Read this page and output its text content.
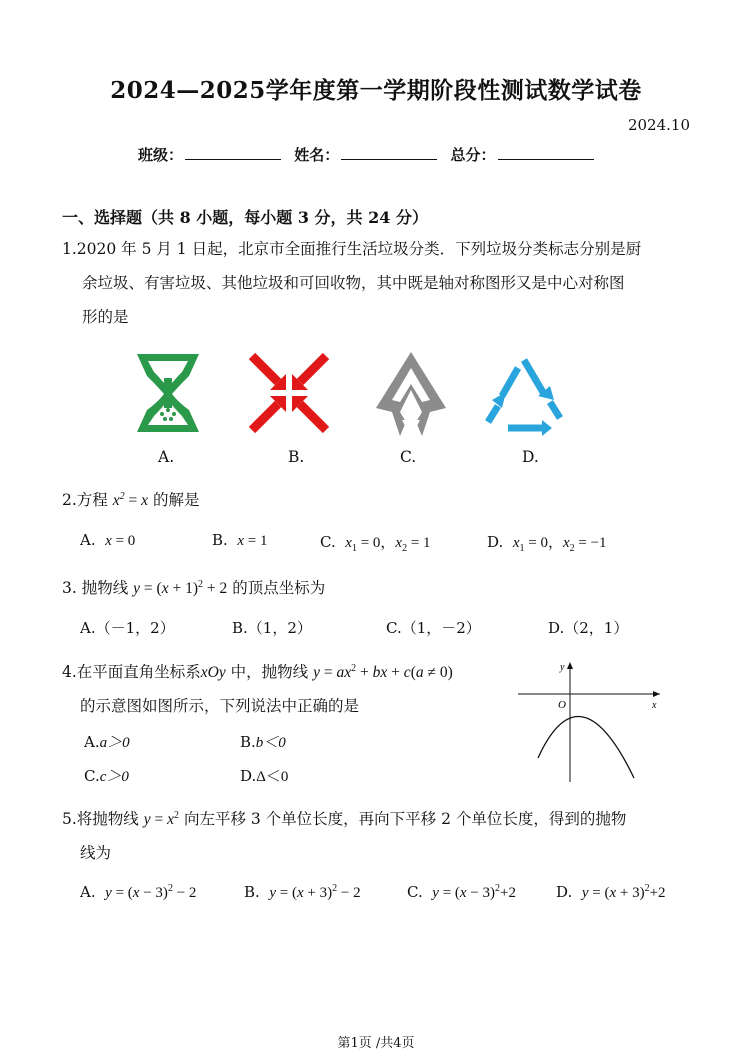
2024—2025学年度第一学期阶段性测试数学试卷
2024.10
班级：	姓名：	总分：
一、选择题（共 8 小题，每小题 3 分，共 24 分）
1.2020 年 5 月 1 日起，北京市全面推行生活垃圾分类．下列垃圾分类标志分别是厨
余垃圾、有害垃圾、其他垃圾和可回收物，其中既是轴对称图形又是中心对称图
形的是
A.	B.	C.	D.
2.方程 $x^2 = x$ 的解是
A. x = 0	B. x = 1	C. $x_1 = 0$，$x_2 = 1$	D. $x_1 = 0$，$x_2 = -1$
3. 抛物线 $y = (x + 1)^2 + 2$ 的顶点坐标为
A.（－1，2）	B.（1，2）	C.（1，－2）	D.（2，1）
4.在平面直角坐标系xOy 中，抛物线 $y = ax^2$ + bx + c(a ≠ 0)
的示意图如图所示，下列说法中正确的是
A.a＞0	B.b＜0
C.c＞0	D.Δ＜0
y
x
O
5.将抛物线 $y = x^2$ 向左平移 3 个单位长度，再向下平移 2 个单位长度，得到的抛物
线为
A. $y = (x - 3)^2 - 2$	B. $y = (x + 3)^2 - 2$	C. $y = (x - 3)^2+2$	D. $y = (x + 3)^2+2$
第1页 /共4页
